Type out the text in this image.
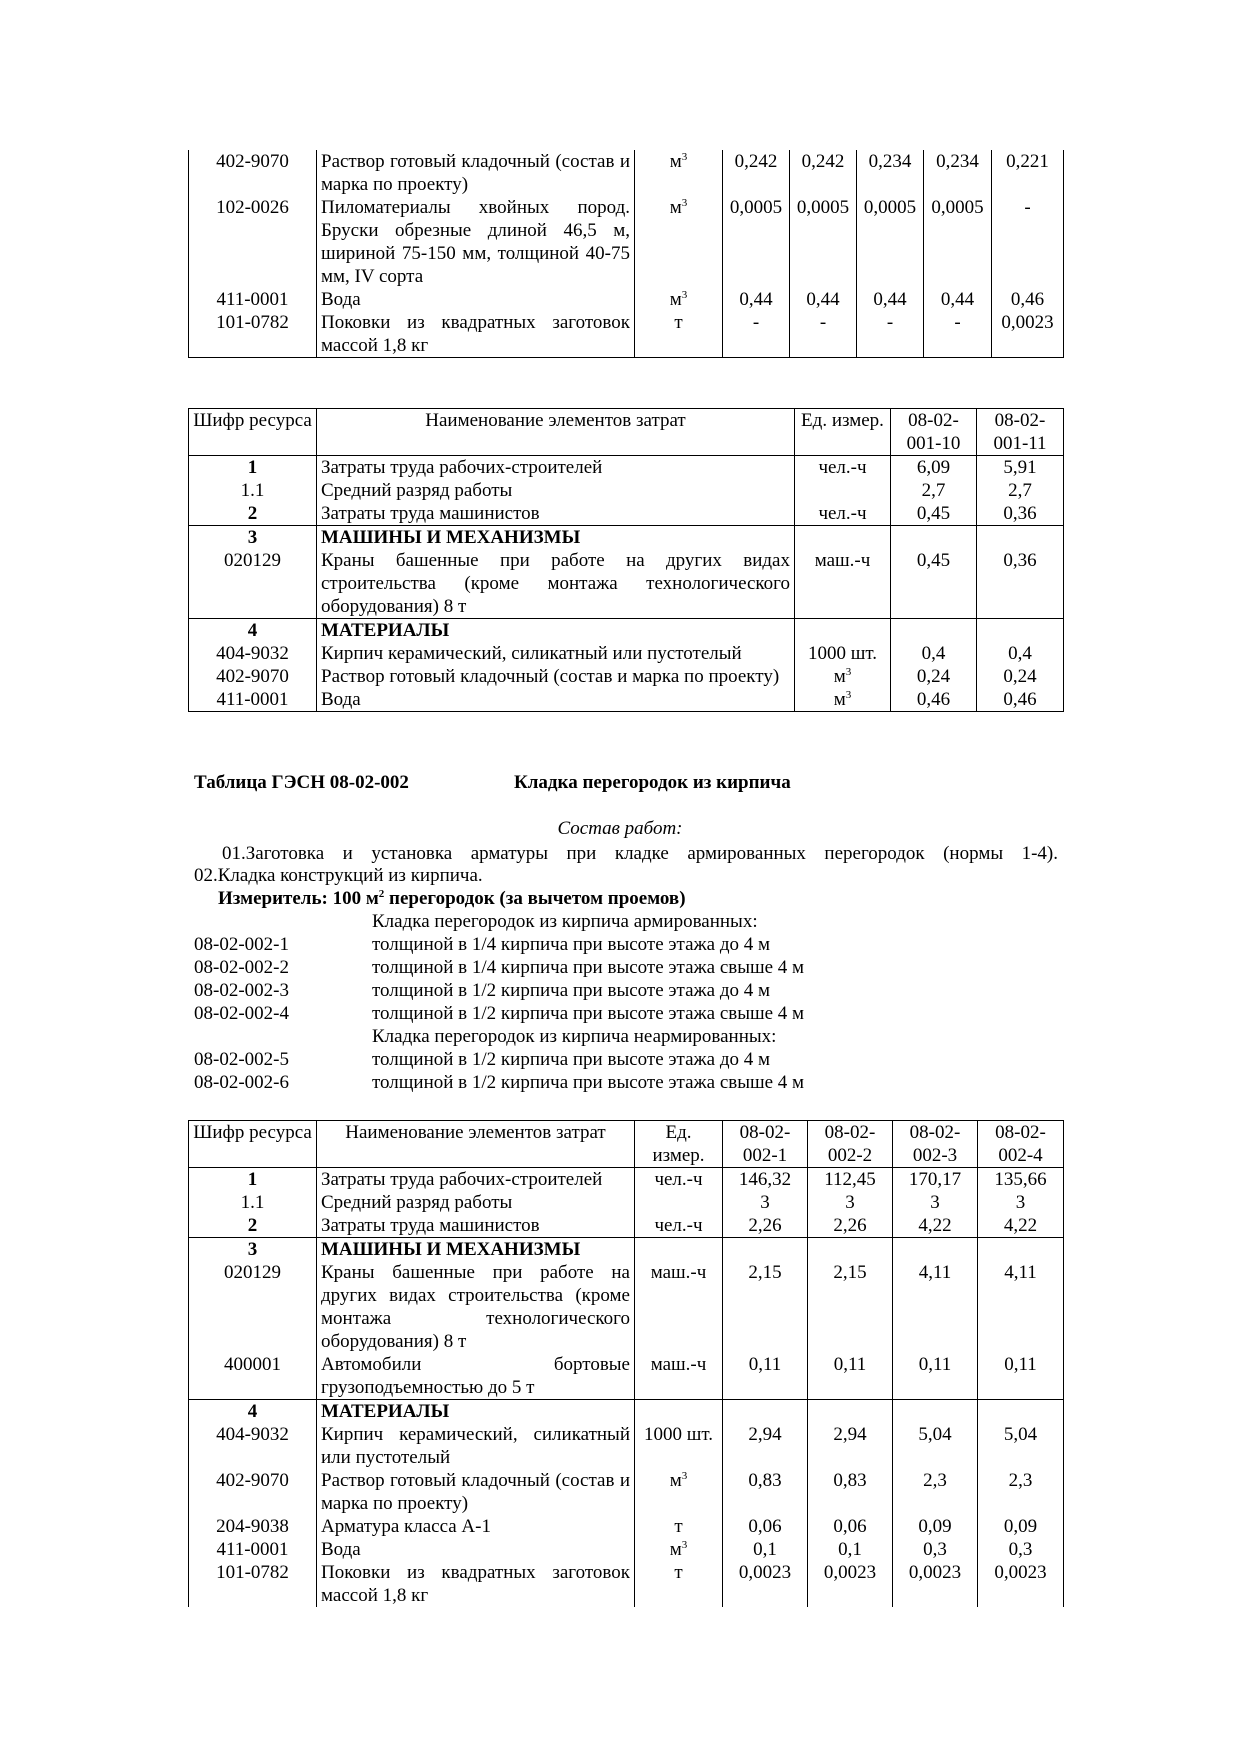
402-9070	Раствор готовый кладочный (состав и марка по проекту)	$м^3$	0,242	0,242	0,234	0,234	0,221
102-0026	Пиломатериалы хвойных пород. Бруски обрезные длиной 46,5 м, шириной 75-150 мм, толщиной 40-75 мм, IV сорта	$м^3$	0,0005	0,0005	0,0005	0,0005	-
411-0001	Вода	$м^3$	0,44	0,44	0,44	0,44	0,46
101-0782	Поковки из квадратных заготовок массой 1,8 кг	т	-	-	-	-	0,0023
Шифр ресурса	Наименование элементов затрат	Ед. измер.	08-02-001-10	08-02-001-11
1	Затраты труда рабочих-строителей	чел.-ч	6,09	5,91
1.1	Средний разряд работы		2,7	2,7
2	Затраты труда машинистов	чел.-ч	0,45	0,36
3	МАШИНЫ И МЕХАНИЗМЫ			
020129	Краны башенные при работе на других видах строительства (кроме монтажа технологического оборудования) 8 т	маш.-ч	0,45	0,36
4	МАТЕРИАЛЫ			
404-9032	Кирпич керамический, силикатный или пустотелый	1000 шт.	0,4	0,4
402-9070	Раствор готовый кладочный (состав и марка по проекту)	$м^3$	0,24	0,24
411-0001	Вода	$м^3$	0,46	0,46
Таблица ГЭСН 08-02-002	Кладка перегородок из кирпича
Состав работ:
01.Заготовка и установка арматуры при кладке армированных перегородок (нормы 1-4).
02.Кладка конструкций из кирпича.
Измеритель: 100 $м^2$ перегородок (за вычетом проемов)
Кладка перегородок из кирпича армированных:
08-02-002-1	толщиной в 1/4 кирпича при высоте этажа до 4 м
08-02-002-2	толщиной в 1/4 кирпича при высоте этажа свыше 4 м
08-02-002-3	толщиной в 1/2 кирпича при высоте этажа до 4 м
08-02-002-4	толщиной в 1/2 кирпича при высоте этажа свыше 4 м
Кладка перегородок из кирпича неармированных:
08-02-002-5	толщиной в 1/2 кирпича при высоте этажа до 4 м
08-02-002-6	толщиной в 1/2 кирпича при высоте этажа свыше 4 м
Шифр ресурса	Наименование элементов затрат	Ед. измер.	08-02-002-1	08-02-002-2	08-02-002-3	08-02-002-4
1	Затраты труда рабочих-строителей	чел.-ч	146,32	112,45	170,17	135,66
1.1	Средний разряд работы		3	3	3	3
2	Затраты труда машинистов	чел.-ч	2,26	2,26	4,22	4,22
3	МАШИНЫ И МЕХАНИЗМЫ					
020129	Краны башенные при работе на других видах строительства (кроме монтажа технологического оборудования) 8 т	маш.-ч	2,15	2,15	4,11	4,11
400001	Автомобили бортовые грузоподъемностью до 5 т	маш.-ч	0,11	0,11	0,11	0,11
4	МАТЕРИАЛЫ					
404-9032	Кирпич керамический, силикатный или пустотелый	1000 шт.	2,94	2,94	5,04	5,04
402-9070	Раствор готовый кладочный (состав и марка по проекту)	$м^3$	0,83	0,83	2,3	2,3
204-9038	Арматура класса А-1	т	0,06	0,06	0,09	0,09
411-0001	Вода	$м^3$	0,1	0,1	0,3	0,3
101-0782	Поковки из квадратных заготовок массой 1,8 кг	т	0,0023	0,0023	0,0023	0,0023
